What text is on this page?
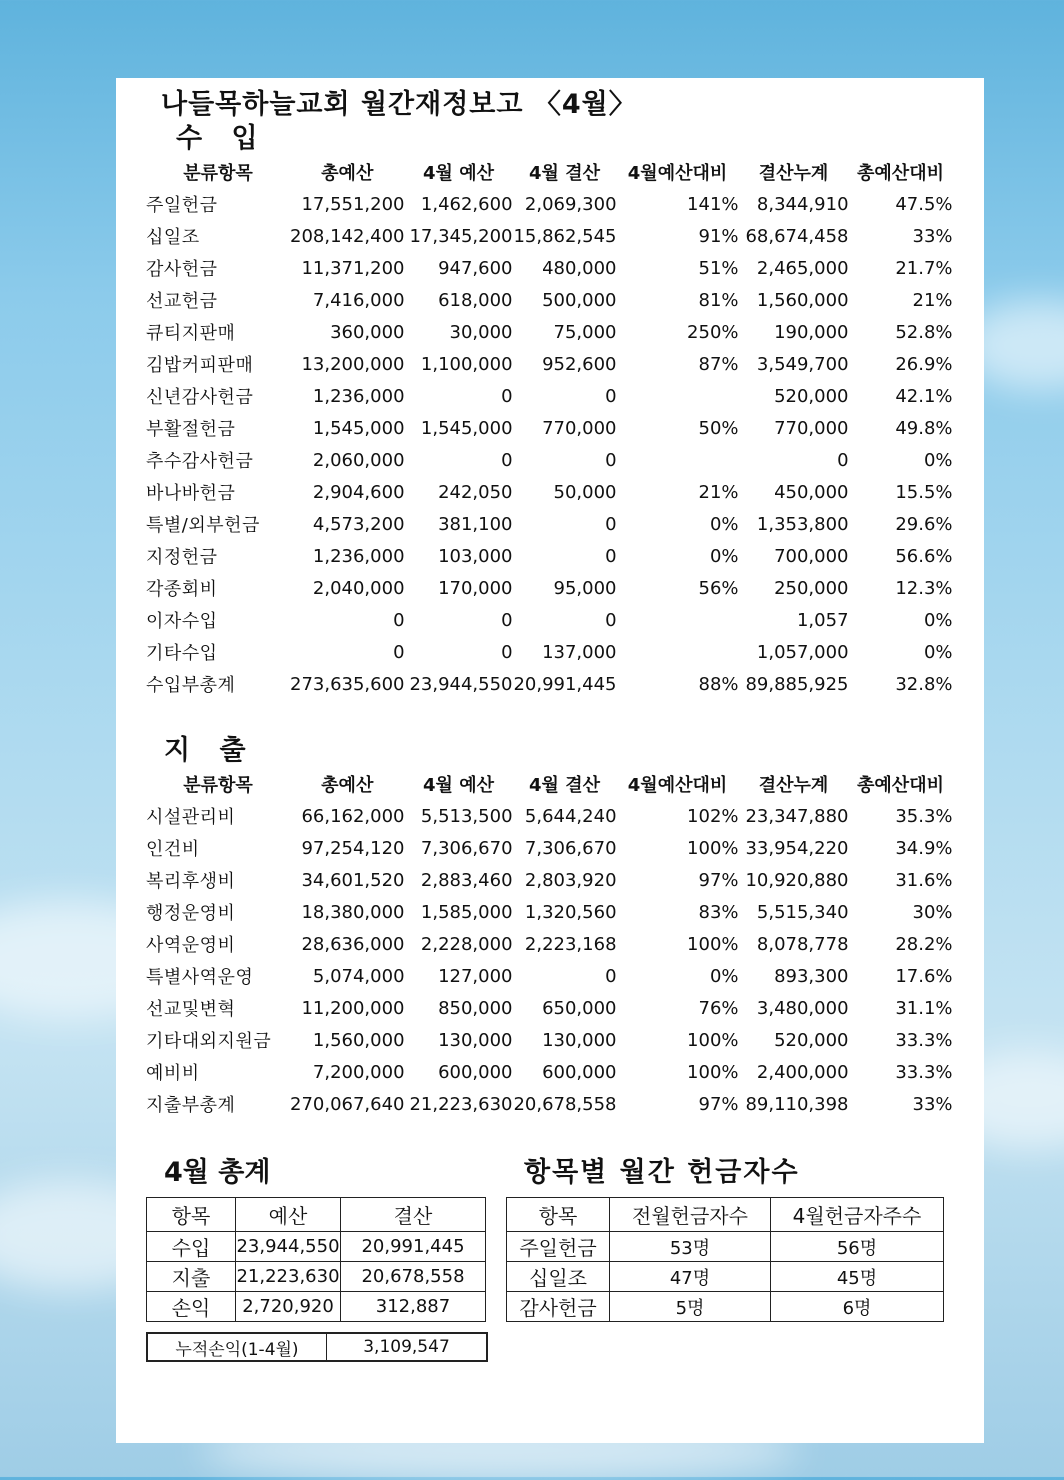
나들목하늘교회 월간재정보고 〈4월〉
수 입
분류항목	총예산	4월 예산	4월 결산	4월예산대비	결산누계	총예산대비
주일헌금	17,551,200	1,462,600	2,069,300	141%	8,344,910	47.5%
십일조	208,142,400	17,345,200	15,862,545	91%	68,674,458	33%
감사헌금	11,371,200	947,600	480,000	51%	2,465,000	21.7%
선교헌금	7,416,000	618,000	500,000	81%	1,560,000	21%
큐티지판매	360,000	30,000	75,000	250%	190,000	52.8%
김밥커피판매	13,200,000	1,100,000	952,600	87%	3,549,700	26.9%
신년감사헌금	1,236,000	0	0		520,000	42.1%
부활절헌금	1,545,000	1,545,000	770,000	50%	770,000	49.8%
추수감사헌금	2,060,000	0	0		0	0%
바나바헌금	2,904,600	242,050	50,000	21%	450,000	15.5%
특별/외부헌금	4,573,200	381,100	0	0%	1,353,800	29.6%
지정헌금	1,236,000	103,000	0	0%	700,000	56.6%
각종회비	2,040,000	170,000	95,000	56%	250,000	12.3%
이자수입	0	0	0		1,057	0%
기타수입	0	0	137,000		1,057,000	0%
수입부총계	273,635,600	23,944,550	20,991,445	88%	89,885,925	32.8%
지 출
분류항목	총예산	4월 예산	4월 결산	4월예산대비	결산누계	총예산대비
시설관리비	66,162,000	5,513,500	5,644,240	102%	23,347,880	35.3%
인건비	97,254,120	7,306,670	7,306,670	100%	33,954,220	34.9%
복리후생비	34,601,520	2,883,460	2,803,920	97%	10,920,880	31.6%
행정운영비	18,380,000	1,585,000	1,320,560	83%	5,515,340	30%
사역운영비	28,636,000	2,228,000	2,223,168	100%	8,078,778	28.2%
특별사역운영	5,074,000	127,000	0	0%	893,300	17.6%
선교및변혁	11,200,000	850,000	650,000	76%	3,480,000	31.1%
기타대외지원금	1,560,000	130,000	130,000	100%	520,000	33.3%
예비비	7,200,000	600,000	600,000	100%	2,400,000	33.3%
지출부총계	270,067,640	21,223,630	20,678,558	97%	89,110,398	33%
4월 총계
항목	예산	결산
수입	23,944,550	20,991,445
지출	21,223,630	20,678,558
손익	2,720,920	312,887
누적손익(1-4월)	3,109,547
항목별 월간 헌금자수
항목	전월헌금자수	4월헌금자주수
주일헌금	53명	56명
십일조	47명	45명
감사헌금	5명	6명
